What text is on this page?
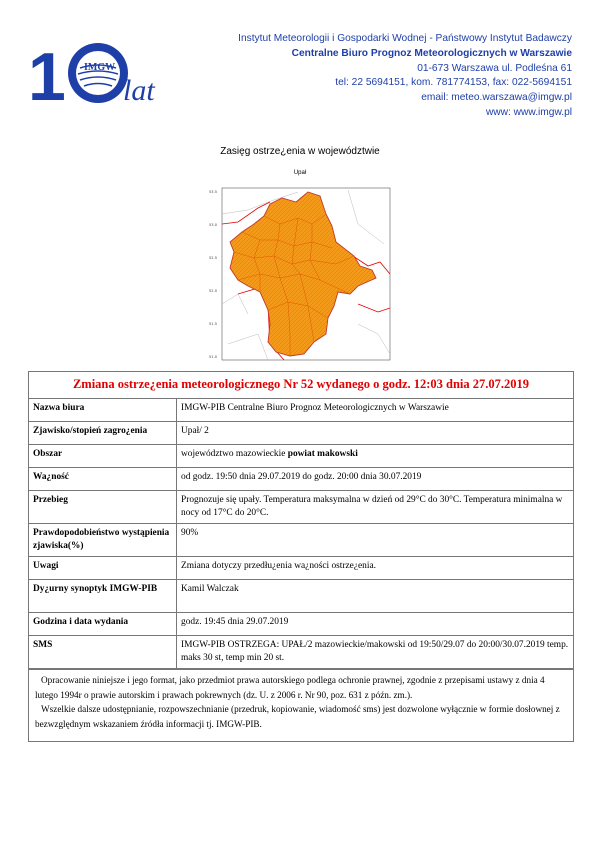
1 IMGW
lat
Instytut Meteorologii i Gospodarki Wodnej - Państwowy Instytut Badawczy
Centralne Biuro Prognoz Meteorologicznych w Warszawie
01-673 Warszawa ul. Podleśna 61
tel: 22 5694151, kom. 781774153, fax: 022-5694151
email: meteo.warszawa@imgw.pl
www: www.imgw.pl
Zasięg ostrze¿enia w województwie
Upał
53.5
53.0
52.5
52.0
51.5
51.0
Zmiana ostrze¿enia meteorologicznego Nr 52 wydanego o godz. 12:03 dnia 27.07.2019
Nazwa biura	IMGW-PIB Centralne Biuro Prognoz Meteorologicznych w Warszawie
Zjawisko/stopień zagro¿enia	Upał/ 2
Obszar	województwo mazowieckie powiat makowski
Wa¿ność	od godz. 19:50 dnia 29.07.2019 do godz. 20:00 dnia 30.07.2019
Przebieg	Prognozuje się upały. Temperatura maksymalna w dzień od 29°C do 30°C. Temperatura minimalna w nocy od 17°C do 20°C.
Prawdopodobieństwo wystąpienia zjawiska(%)	90%
Uwagi	Zmiana dotyczy przedłu¿enia wa¿ności ostrze¿enia.
Dy¿urny synoptyk IMGW-PIB	Kamil Walczak
Godzina i data wydania	godz. 19:45 dnia 29.07.2019
SMS	IMGW-PIB OSTRZEGA: UPAŁ/2 mazowieckie/makowski od 19:50/29.07 do 20:00/30.07.2019 temp. maks 30 st, temp min 20 st.

Opracowanie niniejsze i jego format, jako przedmiot prawa autorskiego podlega ochronie prawnej, zgodnie z przepisami ustawy z dnia 4 lutego 1994r o prawie autorskim i prawach pokrewnych (dz. U. z 2006 r. Nr 90, poz. 631 z późn. zm.).

Wszelkie dalsze udostępnianie, rozpowszechnianie (przedruk, kopiowanie, wiadomość sms) jest dozwolone wyłącznie w formie dosłownej z bezwzględnym wskazaniem źródła informacji tj. IMGW-PIB.
